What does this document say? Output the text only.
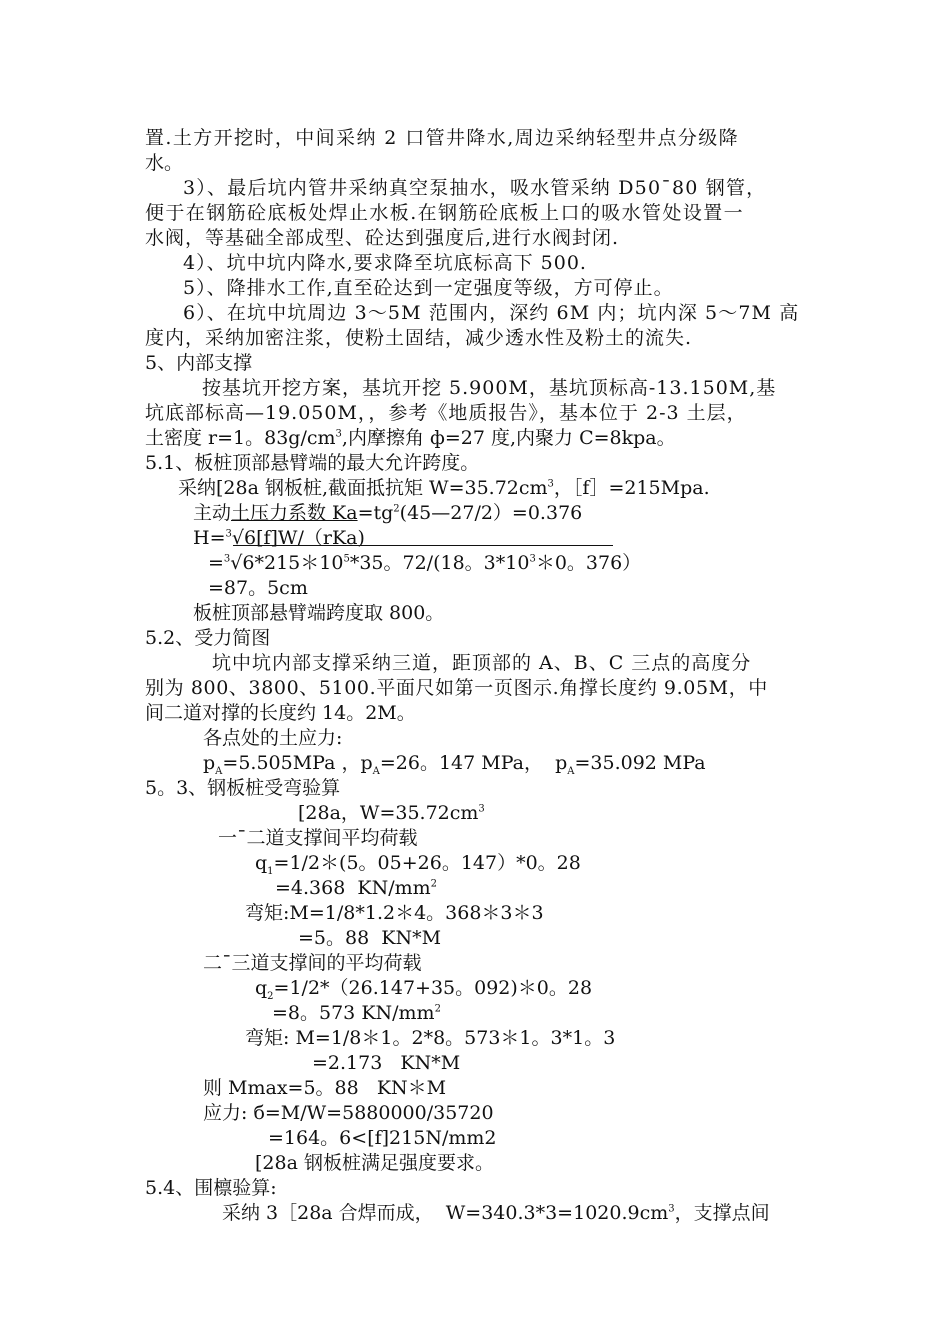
置.土方开挖时，中间采纳 2 口管井降水,周边采纳轻型井点分级降
水。
3）、最后坑内管井采纳真空泵抽水，吸水管采纳 D50¯80 钢管，
便于在钢筋砼底板处焊止水板.在钢筋砼底板上口的吸水管处设置一
水阀，等基础全部成型、砼达到强度后,进行水阀封闭.
4）、坑中坑内降水,要求降至坑底标高下 500.
5）、降排水工作,直至砼达到一定强度等级，方可停止。
6）、在坑中坑周边 3～5M 范围内，深约 6M 内；坑内深 5～7M 高
度内，采纳加密注浆，使粉土固结，减少透水性及粉土的流失.
5、内部支撑
按基坑开挖方案，基坑开挖 5.900M，基坑顶标高-13.150M,基
坑底部标高—19.050M，，参考《地质报告》，基本位于 2-3 土层，
土密度 r=1。$83g/cm^3$,内摩擦角 ф=27 度,内聚力 C=8kpa。
5.1、板桩顶部悬臂端的最大允许跨度。
采纳[28a 钢板桩,截面抵抗矩 $W=35.72cm^3$，［f］=215Mpa.
主动土压力系数 $Ka=tg^2(45—27/2)=0.376$
H=$^3$√6[f]W/（rKa)
$=^3√6*215*10^5*35$。72/(18。$3*10^3*0$。376）
=87。5cm
板桩顶部悬臂端跨度取 800。
5.2、受力简图
坑中坑内部支撑采纳三道，距顶部的 A、B、C 三点的高度分
别为 800、3800、5100.平面尺如第一页图示.角撑长度约 9.05M，中
间二道对撑的长度约 14。2M。
各点处的土应力:
$p_A=5.505MPa$ ，$p_A=26$。147 MPa，  $p_A=35.092$ MPa
5。3、钢板桩受弯验算
[28a，$W=35.72cm^3$
一¯二道支撑间平均荷载
$q_1=1/2*(5$。05+26。147）*0。28
=4.368  $KN/mm^2$
弯矩:M=1/8*1.2＊4。368＊3＊3
=5。88  KN*M
二¯三道支撑间的平均荷载
$q_2=1/2*(26.147+35$。092)＊0。28
=8。573 $KN/mm^2$
弯矩: M=1/8＊1。2*8。573＊1。3*1。3
=2.173   KN*M
则 Mmax=5。88   KN＊M
应力: б=M/W=5880000/35720
=164。6<[f]215N/mm2
[28a 钢板桩满足强度要求。
5.4、围檩验算:
采纳 3［28a 合焊而成，  $W=340.3*3=1020.9cm^3$，支撑点间
